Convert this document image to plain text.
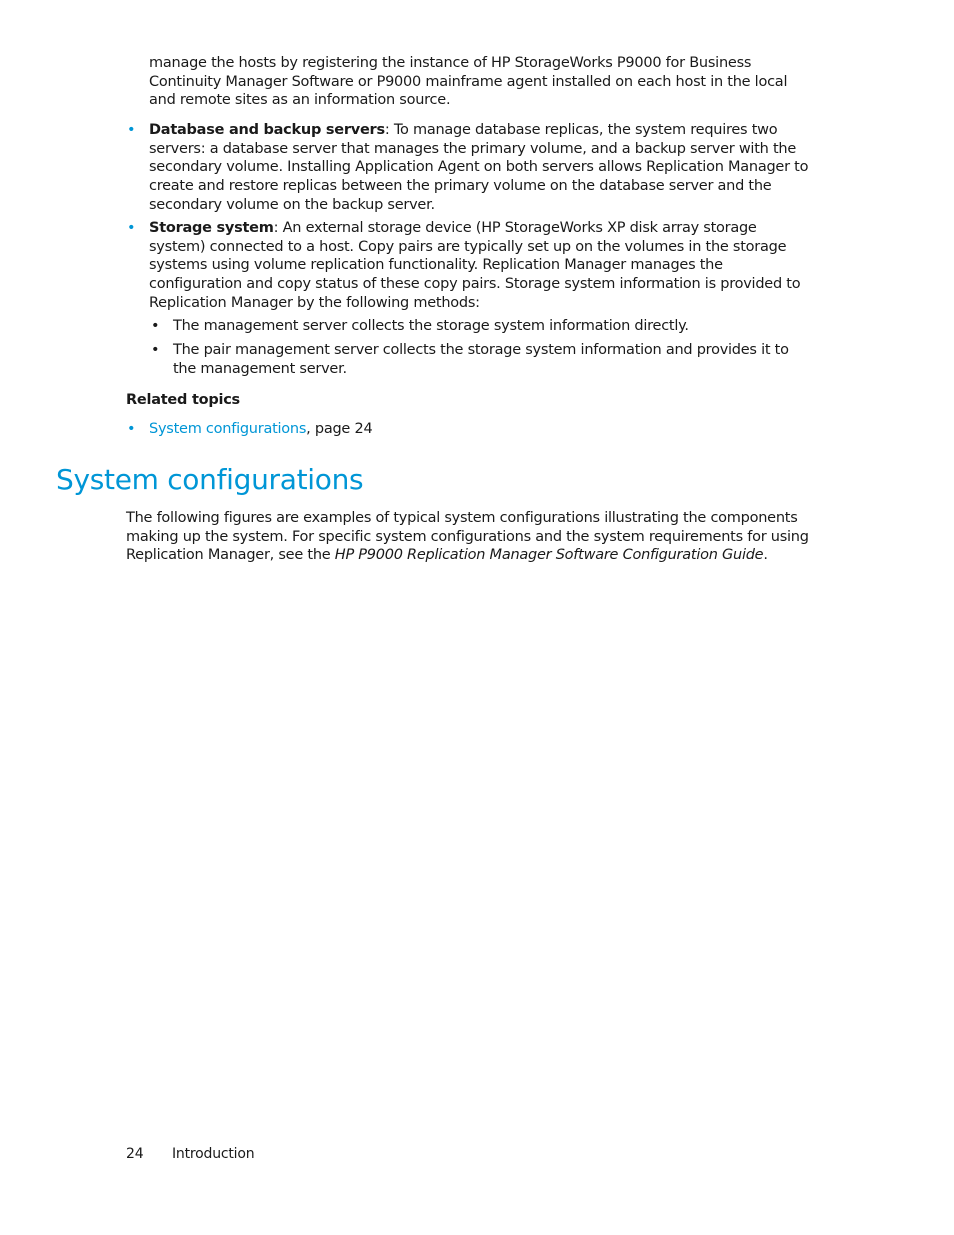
manage the hosts by registering the instance of HP StorageWorks P9000 for Business Continuity Manager Software or P9000 mainframe agent installed on each host in the local and remote sites as an information source.
• Database and backup servers: To manage database replicas, the system requires two servers: a database server that manages the primary volume, and a backup server with the secondary volume. Installing Application Agent on both servers allows Replication Manager to create and restore replicas between the primary volume on the database server and the secondary volume on the backup server.
• Storage system: An external storage device (HP StorageWorks XP disk array storage system) connected to a host. Copy pairs are typically set up on the volumes in the storage systems using volume replication functionality. Replication Manager manages the configuration and copy status of these copy pairs. Storage system information is provided to Replication Manager by the following methods:
• The management server collects the storage system information directly.
• The pair management server collects the storage system information and provides it to the management server.
Related topics
• System configurations, page 24
System configurations
The following figures are examples of typical system configurations illustrating the components making up the system. For specific system configurations and the system requirements for using Replication Manager, see the HP P9000 Replication Manager Software Configuration Guide.
24 Introduction
